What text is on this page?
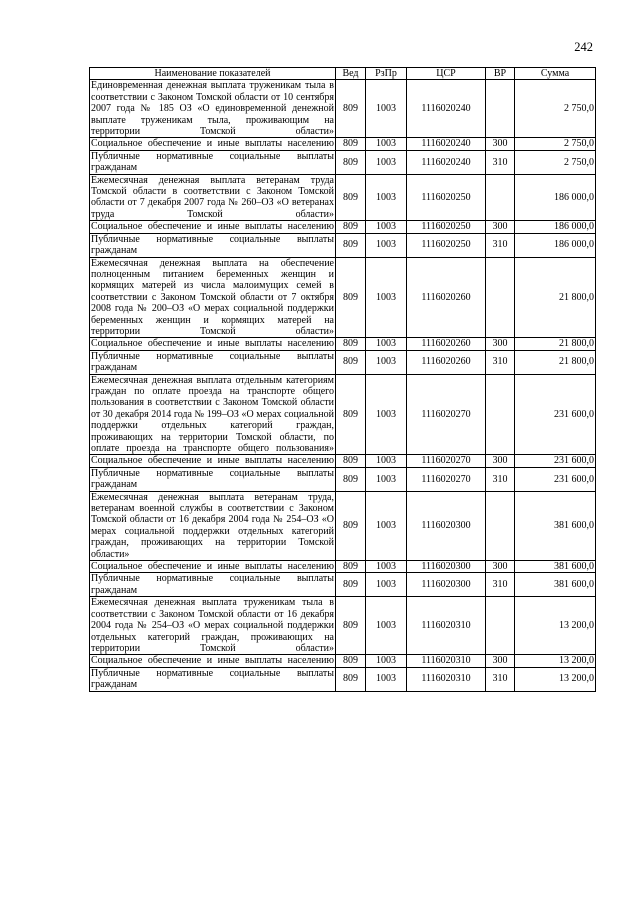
242
Наименование показателей	Вед	РзПр	ЦСР	ВР	Сумма
Единовременная денежная выплата труженикам тыла в соответствии с Законом Томской области от 10 сентября 2007 года № 185 ОЗ «О единовременной денежной выплате труженикам тыла, проживающим на территории Томской области»	809	1003	1116020240		2 750,0
Социальное обеспечение и иные выплаты населению	809	1003	1116020240	300	2 750,0
Публичные нормативные социальные выплаты гражданам	809	1003	1116020240	310	2 750,0
Ежемесячная денежная выплата ветеранам труда Томской области в соответствии с Законом Томской области от 7 декабря 2007 года № 260–ОЗ «О ветеранах труда Томской области»	809	1003	1116020250		186 000,0
Социальное обеспечение и иные выплаты населению	809	1003	1116020250	300	186 000,0
Публичные нормативные социальные выплаты гражданам	809	1003	1116020250	310	186 000,0
Ежемесячная денежная выплата на обеспечение полноценным питанием беременных женщин и кормящих матерей из числа малоимущих семей в соответствии с Законом Томской области от 7 октября 2008 года № 200–ОЗ «О мерах социальной поддержки беременных женщин и кормящих матерей на территории Томской области»	809	1003	1116020260		21 800,0
Социальное обеспечение и иные выплаты населению	809	1003	1116020260	300	21 800,0
Публичные нормативные социальные выплаты гражданам	809	1003	1116020260	310	21 800,0
Ежемесячная денежная выплата отдельным категориям граждан по оплате проезда на транспорте общего пользования в соответствии с Законом Томской области от 30 декабря 2014 года № 199–ОЗ «О мерах социальной поддержки отдельных категорий граждан, проживающих на территории Томской области, по оплате проезда на транспорте общего пользования»	809	1003	1116020270		231 600,0
Социальное обеспечение и иные выплаты населению	809	1003	1116020270	300	231 600,0
Публичные нормативные социальные выплаты гражданам	809	1003	1116020270	310	231 600,0
Ежемесячная денежная выплата ветеранам труда, ветеранам военной службы в соответствии с Законом Томской области от 16 декабря 2004 года № 254–ОЗ «О мерах социальной поддержки отдельных категорий граждан, проживающих на территории Томской области»	809	1003	1116020300		381 600,0
Социальное обеспечение и иные выплаты населению	809	1003	1116020300	300	381 600,0
Публичные нормативные социальные выплаты гражданам	809	1003	1116020300	310	381 600,0
Ежемесячная денежная выплата труженикам тыла в соответствии с Законом Томской области от 16 декабря 2004 года № 254–ОЗ «О мерах социальной поддержки отдельных категорий граждан, проживающих на территории Томской области»	809	1003	1116020310		13 200,0
Социальное обеспечение и иные выплаты населению	809	1003	1116020310	300	13 200,0
Публичные нормативные социальные выплаты гражданам	809	1003	1116020310	310	13 200,0
